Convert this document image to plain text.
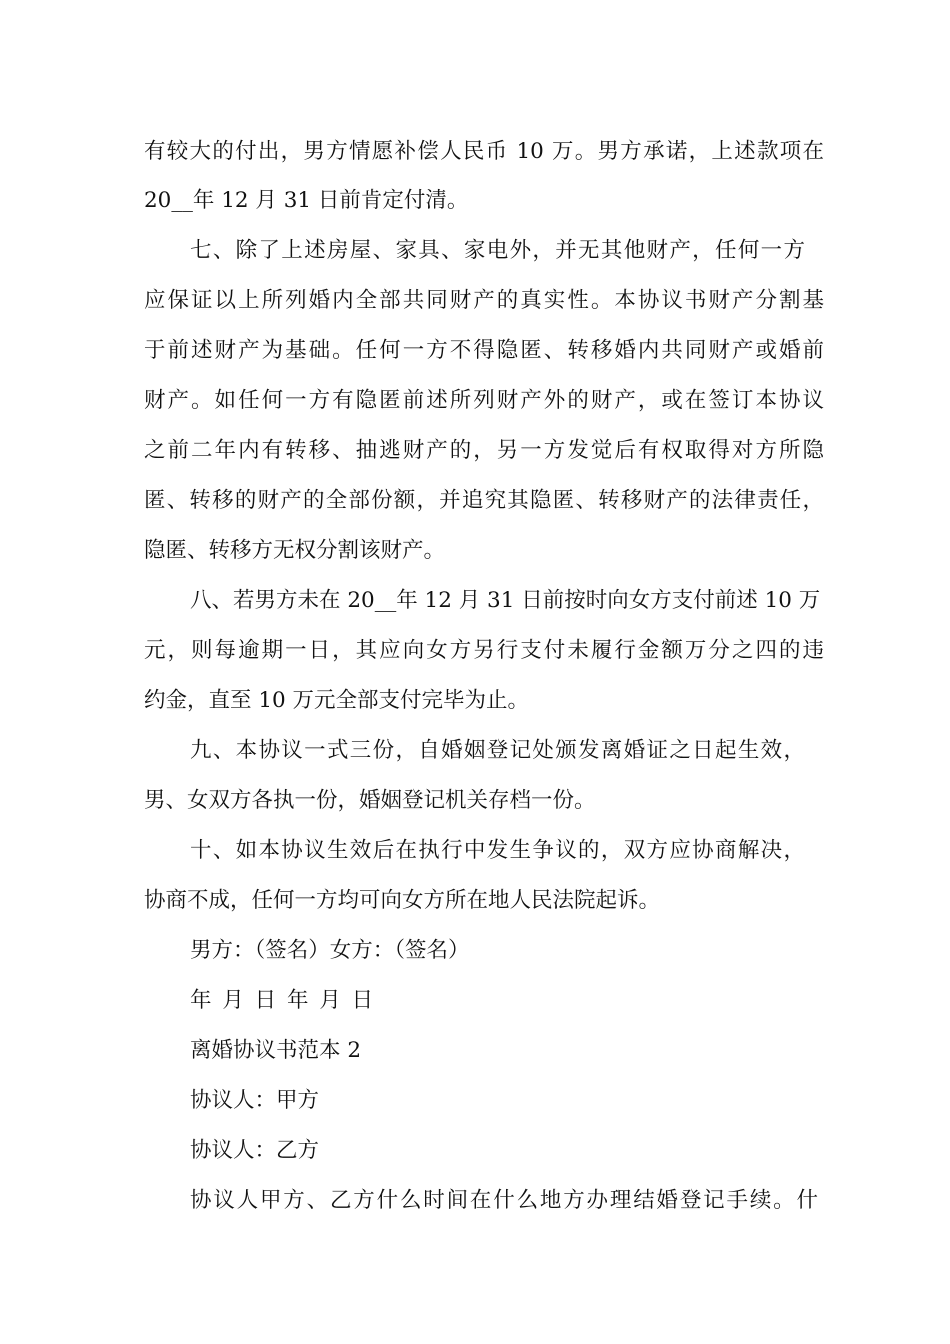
有较大的付出，男方情愿补偿人民币 10 万。男方承诺，上述款项在
20__年 12 月 31 日前肯定付清。
七、除了上述房屋、家具、家电外，并无其他财产，任何一方
应保证以上所列婚内全部共同财产的真实性。本协议书财产分割基
于前述财产为基础。任何一方不得隐匿、转移婚内共同财产或婚前
财产。如任何一方有隐匿前述所列财产外的财产，或在签订本协议
之前二年内有转移、抽逃财产的，另一方发觉后有权取得对方所隐
匿、转移的财产的全部份额，并追究其隐匿、转移财产的法律责任，
隐匿、转移方无权分割该财产。
八、若男方未在 20__年 12 月 31 日前按时向女方支付前述 10 万
元，则每逾期一日，其应向女方另行支付未履行金额万分之四的违
约金，直至 10 万元全部支付完毕为止。
九、本协议一式三份，自婚姻登记处颁发离婚证之日起生效，
男、女双方各执一份，婚姻登记机关存档一份。
十、如本协议生效后在执行中发生争议的，双方应协商解决，
协商不成，任何一方均可向女方所在地人民法院起诉。
男方：（签名）女方：（签名）
年 月 日 年 月 日
离婚协议书范本 2
协议人：甲方
协议人：乙方
协议人甲方、乙方什么时间在什么地方办理结婚登记手续。什
